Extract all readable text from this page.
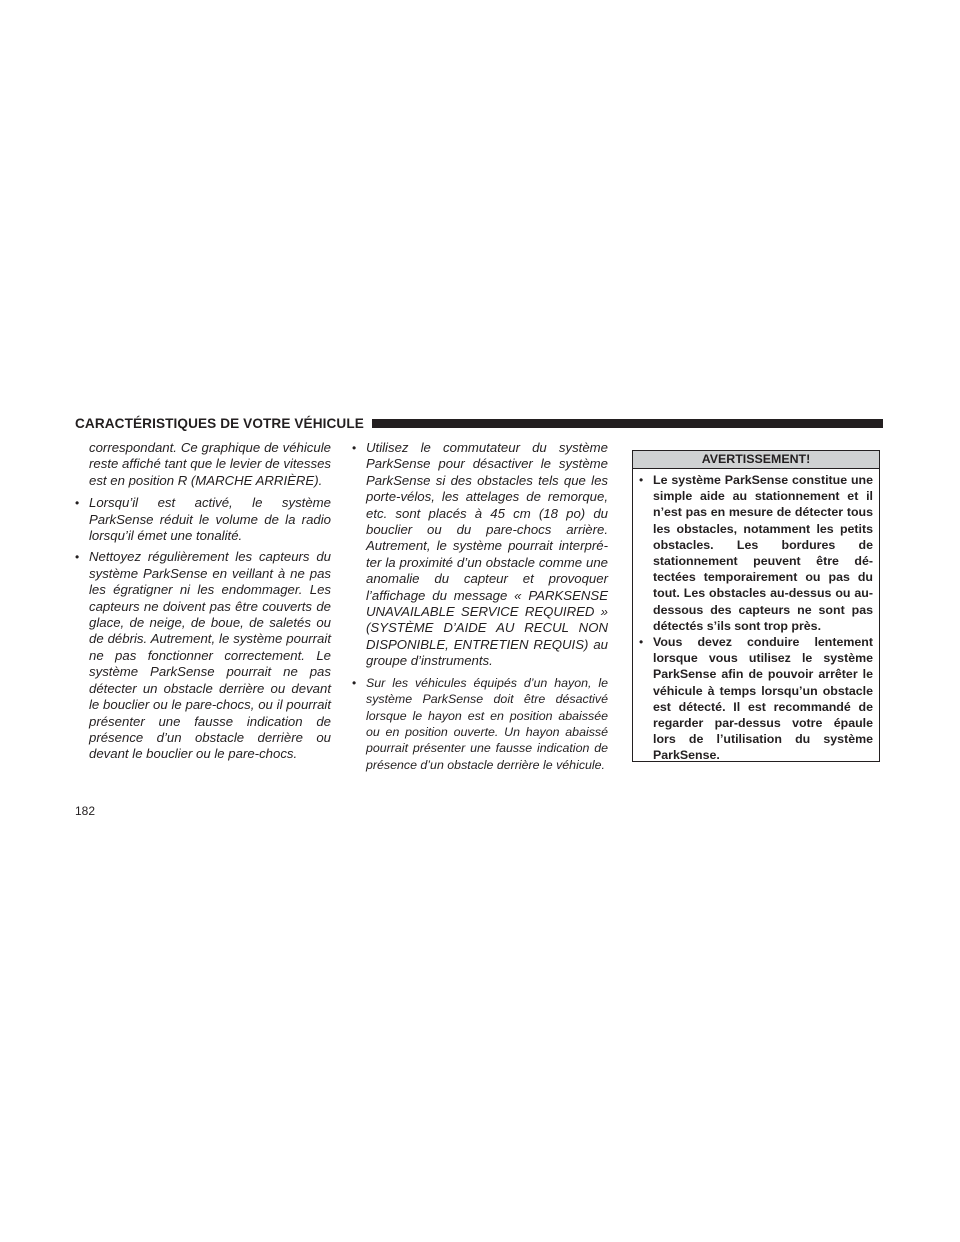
CARACTÉRISTIQUES DE VOTRE VÉHICULE
correspondant. Ce graphique de véhicule reste affiché tant que le levier de vitesses est en position R (MARCHE ARRIÈRE).
• Lorsqu’il est activé, le système ParkSense réduit le volume de la radio lorsqu’il émet une tonalité.
• Nettoyez régulièrement les capteurs du système ParkSense en veillant à ne pas les égratigner ni les endommager. Les capteurs ne doivent pas être couverts de glace, de neige, de boue, de saletés ou de débris. Autrement, le système pourrait ne pas fonctionner correctement. Le système ParkSense pourrait ne pas détecter un obstacle derrière ou devant le bouclier ou le pare-chocs, ou il pourrait présenter une fausse indication de présence d’un obstacle derrière ou devant le bouclier ou le pare-chocs.
• Utilisez le commutateur du système ParkSense pour désactiver le système ParkSense si des obstacles tels que les porte-vélos, les attelages de remorque, etc. sont placés à 45 cm (18 po) du bouclier ou du pare-chocs arrière. Autrement, le système pourrait interpréter la proximité d’un obstacle comme une anomalie du capteur et provoquer l’affichage du message « PARKSENSE UNAVAILABLE SERVICE REQUIRED » (SYSTÈME D’AIDE AU RECUL NON DISPONIBLE, ENTRETIEN REQUIS) au groupe d’instruments.
• Sur les véhicules équipés d’un hayon, le système ParkSense doit être désactivé lorsque le hayon est en position abaissée ou en position ouverte. Un hayon abaissé pourrait présenter une fausse indication de présence d’un obstacle derrière le véhicule.
AVERTISSEMENT!
• Le système ParkSense constitue une simple aide au stationnement et il n’est pas en mesure de détecter tous les obstacles, notamment les petits obstacles. Les bordures de stationnement peuvent être détectées temporairement ou pas du tout. Les obstacles au-dessus ou au-dessous des capteurs ne sont pas détectés s’ils sont trop près.
• Vous devez conduire lentement lorsque vous utilisez le système ParkSense afin de pouvoir arrêter le véhicule à temps lorsqu’un obstacle est détecté. Il est recommandé de regarder par-dessus votre épaule lors de l’utilisation du système ParkSense.
182
